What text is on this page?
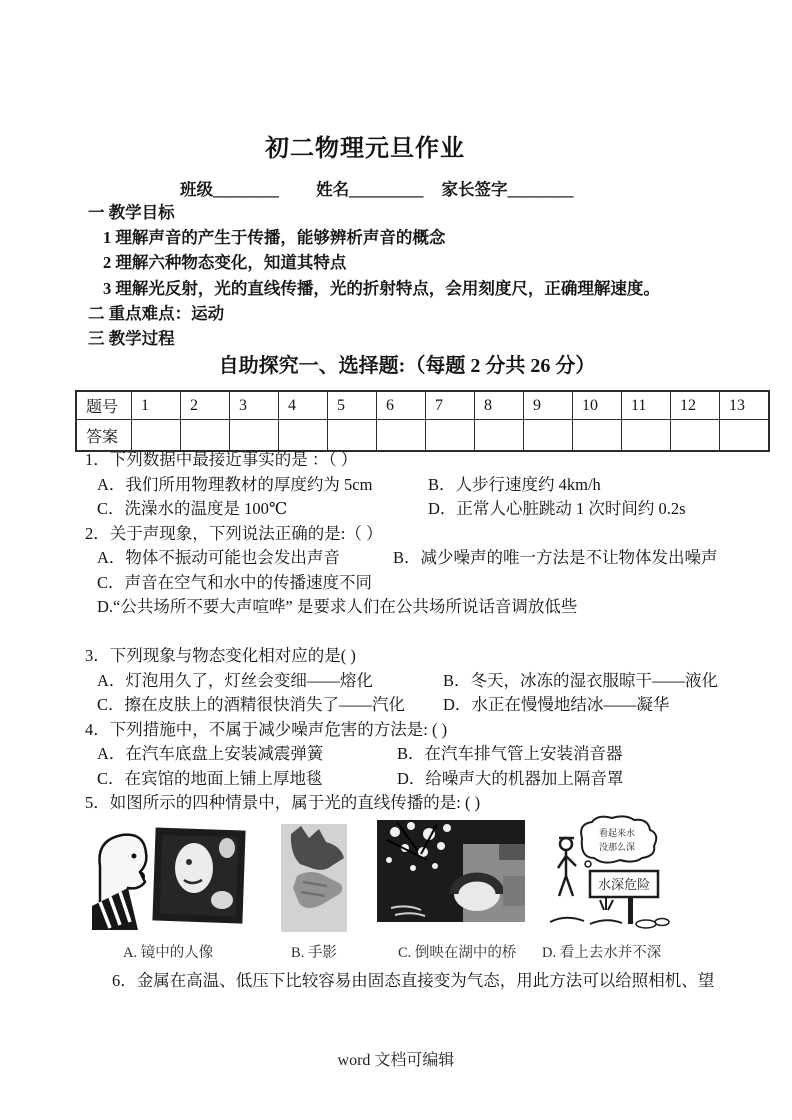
初二物理元旦作业
班级________ 姓名_________ 家长签字________
一 教学目标
1 理解声音的产生于传播，能够辨析声音的概念
2 理解六种物态变化，知道其特点
3 理解光反射，光的直线传播，光的折射特点，会用刻度尺，正确理解速度。
二 重点难点：运动
三 教学过程
自助探究一、选择题:（每题 2 分共 26 分）
题号	1	2	3	4	5	6	7	8	9	10	11	12	13
答案													
1．下列数据中最接近事实的是 ：（ ）
A．我们所用物理教材的厚度约为 5cm	B．人步行速度约 4km/h
C．洗澡水的温度是 100℃	D．正常人心脏跳动 1 次时间约 0.2s
2．关于声现象，下列说法正确的是:（ ）
A．物体不振动可能也会发出声音	B．减少噪声的唯一方法是不让物体发出噪声
C．声音在空气和水中的传播速度不同
D.“公共场所不要大声喧哗” 是要求人们在公共场所说话音调放低些
3．下列现象与物态变化相对应的是( )
A．灯泡用久了，灯丝会变细——熔化	B．冬天，冰冻的湿衣服晾干——液化
C．擦在皮肤上的酒精很快消失了——汽化 D．水正在慢慢地结冰——凝华
4．下列措施中，不属于减少噪声危害的方法是: ( )
A．在汽车底盘上安装减震弹簧	B．在汽车排气管上安装消音器
C．在宾馆的地面上铺上厚地毯	D．给噪声大的机器加上隔音罩
5．如图所示的四种情景中，属于光的直线传播的是: ( )
看起来水
没那么深
水深危险
A. 镜中的人像	B. 手影	C. 倒映在湖中的桥 D. 看上去水并不深
6．金属在高温、低压下比较容易由固态直接变为气态，用此方法可以给照相机、望
word 文档可编辑
